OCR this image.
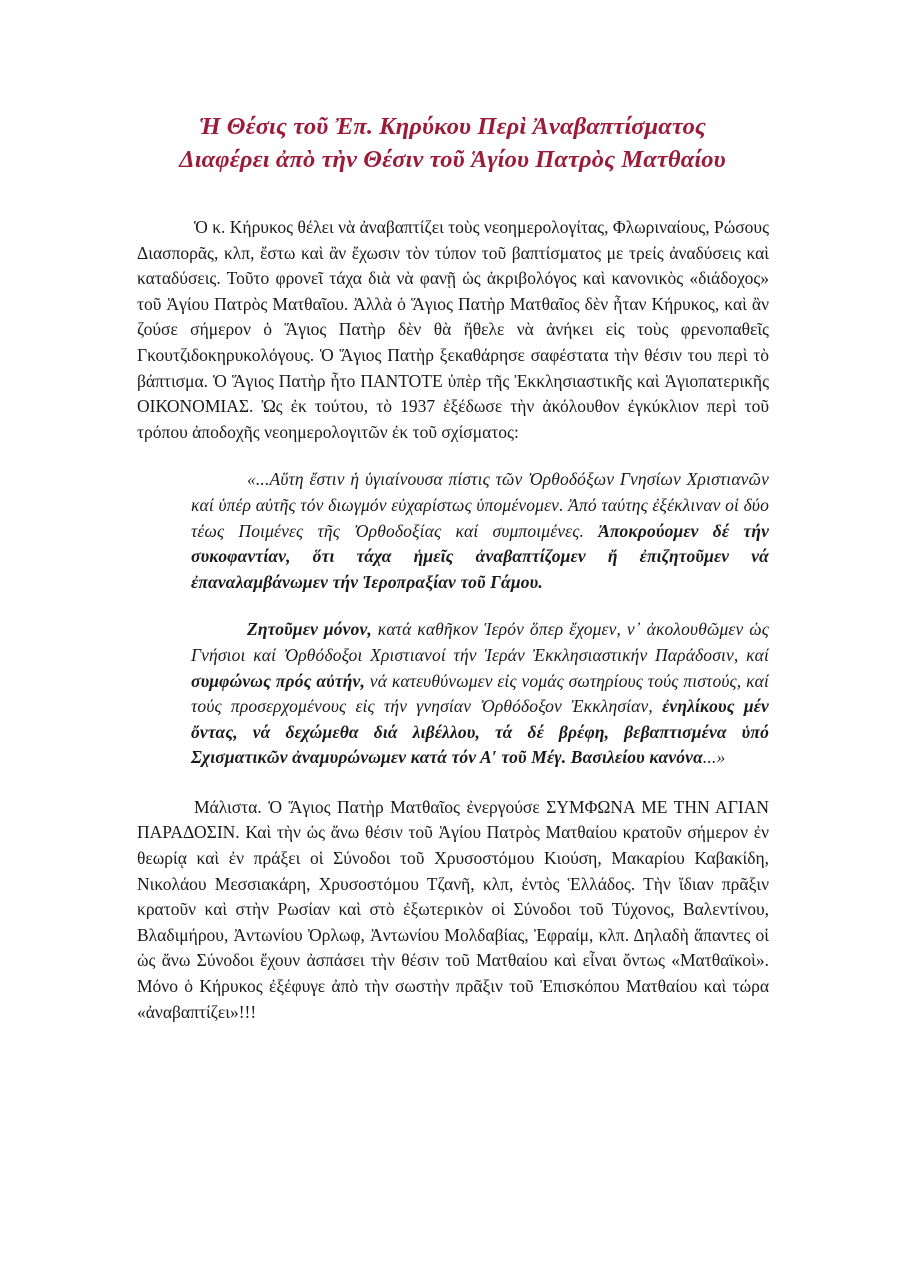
Ἡ Θέσις τοῦ Ἐπ. Κηρύκου Περὶ Ἀναβαπτίσματος
Διαφέρει ἀπὸ τὴν Θέσιν τοῦ Ἁγίου Πατρὸς Ματθαίου

Ὁ κ. Κήρυκος θέλει νὰ ἀναβαπτίζει τοὺς νεοημερολογίτας, Φλωριναίους, Ρώσους Διασπορᾶς, κλπ, ἔστω καὶ ἂν ἔχωσιν τὸν τύπον τοῦ βαπτίσματος με τρείς ἀναδύσεις καὶ καταδύσεις. Τοῦτο φρονεῖ τάχα διὰ νὰ φανῇ ὡς ἀκριβολόγος καὶ κανονικὸς «διάδοχος» τοῦ Ἁγίου Πατρὸς Ματθαῖου. Ἀλλὰ ὁ Ἅγιος Πατὴρ Ματθαῖος δὲν ἦταν Κήρυκος, καὶ ἂν ζούσε σήμερον ὁ Ἅγιος Πατὴρ δὲν θὰ ἤθελε νὰ ἀνήκει εἰς τοὺς φρενοπαθεῖς Γκουτζιδοκηρυκολόγους. Ὁ Ἅγιος Πατὴρ ξεκαθάρησε σαφέστατα τὴν θέσιν του περὶ τὸ βάπτισμα. Ὁ Ἅγιος Πατὴρ ἦτο ΠΑΝΤΟΤΕ ὑπὲρ τῆς Ἐκκλησιαστικῆς καὶ Ἁγιοπατερικῆς ΟΙΚΟΝΟΜΙΑΣ. Ὡς ἐκ τούτου, τὸ 1937 ἐξέδωσε τὴν ἀκόλουθον ἐγκύκλιον περὶ τοῦ τρόπου ἀποδοχῆς νεοημερολογιτῶν ἐκ τοῦ σχίσματος:

«...Αὕτη ἔστιν ἡ ὑγιαίνουσα πίστις τῶν Ὀρθοδόξων Γνησίων Χριστιανῶν καί ὑπέρ αὐτῆς τόν διωγμόν εὐχαρίστως ὑπομένομεν. Ἀπό ταύτης ἐξέκλιναν οἱ δύο τέως Ποιμένες τῆς Ὀρθοδοξίας καί συμποιμένες. Ἀποκρούομεν δέ τήν συκοφαντίαν, ὅτι τάχα ἡμεῖς ἀναβαπτίζομεν ἤ ἐπιζητοῦμεν νά ἐπαναλαμβάνωμεν τήν Ἱεροπραξίαν τοῦ Γάμου.

Ζητοῦμεν μόνον, κατά καθῆκον Ἱερόν ὅπερ ἔχομεν, ν᾽ ἀκολουθῶμεν ὡς Γνήσιοι καί Ὀρθόδοξοι Χριστιανοί τήν Ἱεράν Ἐκκλησιαστικήν Παράδοσιν, καί συμφώνως πρός αὐτήν, νά κατευθύνωμεν εἰς νομάς σωτηρίους τούς πιστούς, καί τούς προσερχομένους εἰς τήν γνησίαν Ὀρθόδοξον Ἐκκλησίαν, ἐνηλίκους μέν ὄντας, νά δεχώμεθα διά λιβέλλου, τά δέ βρέφη, βεβαπτισμένα ὑπό Σχισματικῶν ἀναμυρώνωμεν κατά τόν Α′ τοῦ Μέγ. Βασιλείου κανόνα...»

Μάλιστα. Ὁ Ἅγιος Πατὴρ Ματθαῖος ἐνεργούσε ΣΥΜΦΩΝΑ ΜΕ ΤΗΝ ΑΓΙΑΝ ΠΑΡΑΔΟΣΙΝ. Καὶ τὴν ὡς ἄνω θέσιν τοῦ Ἁγίου Πατρὸς Ματθαίου κρατοῦν σήμερον ἐν θεωρίᾳ καὶ ἐν πράξει οἱ Σύνοδοι τοῦ Χρυσοστόμου Κιούση, Μακαρίου Καβακίδη, Νικολάου Μεσσιακάρη, Χρυσοστόμου Τζανῆ, κλπ, ἐντὸς Ἑλλάδος. Τὴν ἴδιαν πρᾶξιν κρατοῦν καὶ στὴν Ρωσίαν καὶ στὸ ἐξωτερικὸν οἱ Σύνοδοι τοῦ Τύχονος, Βαλεντίνου, Βλαδιμήρου, Ἀντωνίου Ὀρλωφ, Ἀντωνίου Μολδαβίας, Ἐφραίμ, κλπ. Δηλαδὴ ἅπαντες οἱ ὡς ἄνω Σύνοδοι ἔχουν ἀσπάσει τὴν θέσιν τοῦ Ματθαίου καὶ εἶναι ὄντως «Ματθαϊκοὶ». Μόνο ὁ Κήρυκος ἐξέφυγε ἀπὸ τὴν σωστὴν πρᾶξιν τοῦ Ἐπισκόπου Ματθαίου καὶ τώρα «ἀναβαπτίζει»!!!
